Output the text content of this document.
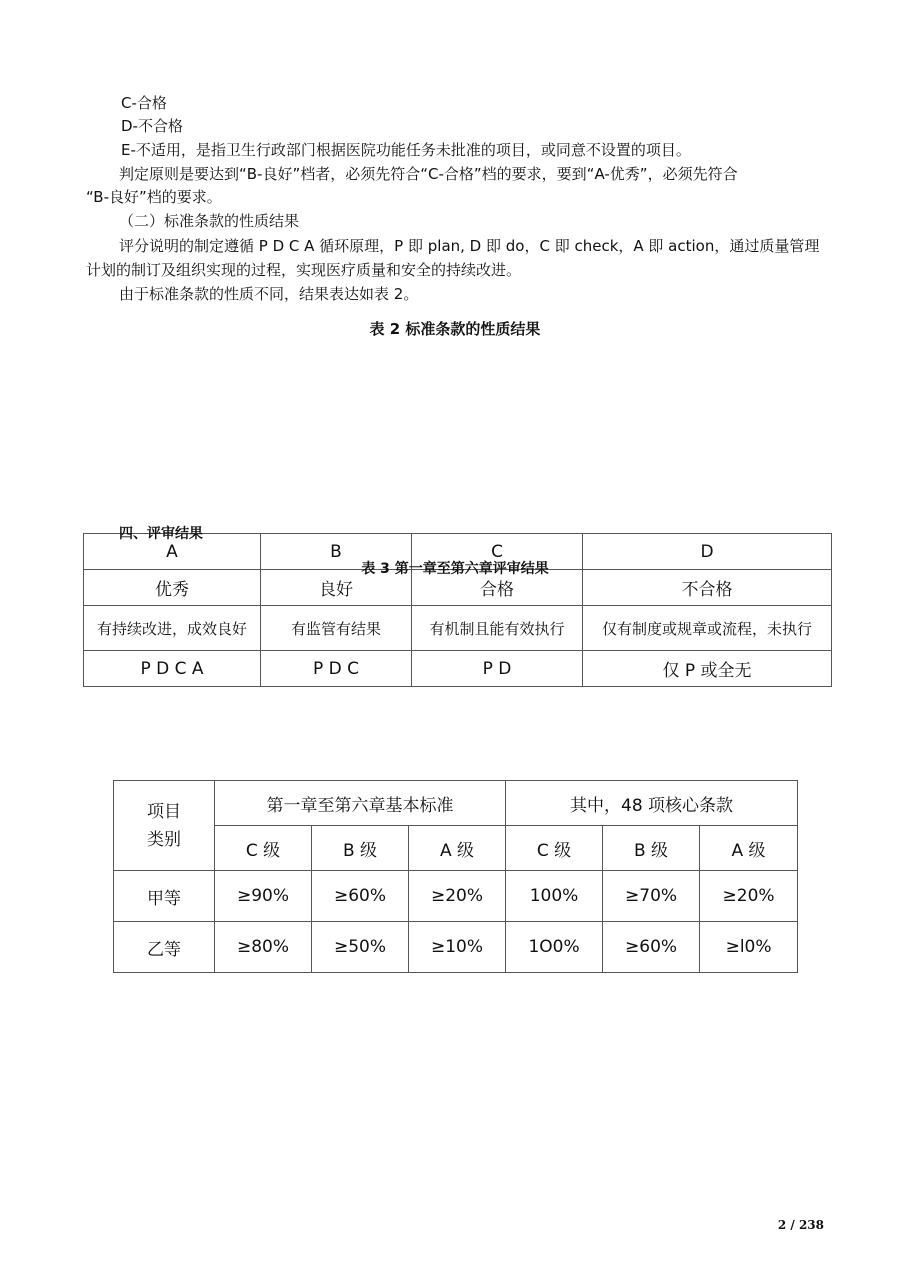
C-合格
D-不合格
E-不适用，是指卫生行政部门根据医院功能任务未批准的项目，或同意不设置的项目。
判定原则是要达到“B-良好”档者，必须先符合“C-合格”档的要求，要到“A-优秀”，必须先符合
“B-良好”档的要求。
（二）标准条款的性质结果
评分说明的制定遵循 P D C A 循环原理，P 即 plan, D 即 do，C 即 check，A 即 action，通过质量管理
计划的制订及组织实现的过程，实现医疗质量和安全的持续改进。
由于标准条款的性质不同，结果表达如表 2。
表 2 标准条款的性质结果
A	B	C	D
优秀	良好	合格	不合格
有持续改进，成效良好	有监管有结果	有机制且能有效执行	仅有制度或规章或流程，未执行
P D C A	P D C	P D	仅 P 或全无
四、评审结果
表 3 第一章至第六章评审结果
项目
类别	第一章至第六章基本标准			其中，48 项核心条款		
	C 级	B 级	A 级	C 级	B 级	A 级
甲等	≥90%	≥60%	≥20%	100%	≥70%	≥20%
乙等	≥80%	≥50%	≥10%	1O0%	≥60%	≥l0%
2 / 238
